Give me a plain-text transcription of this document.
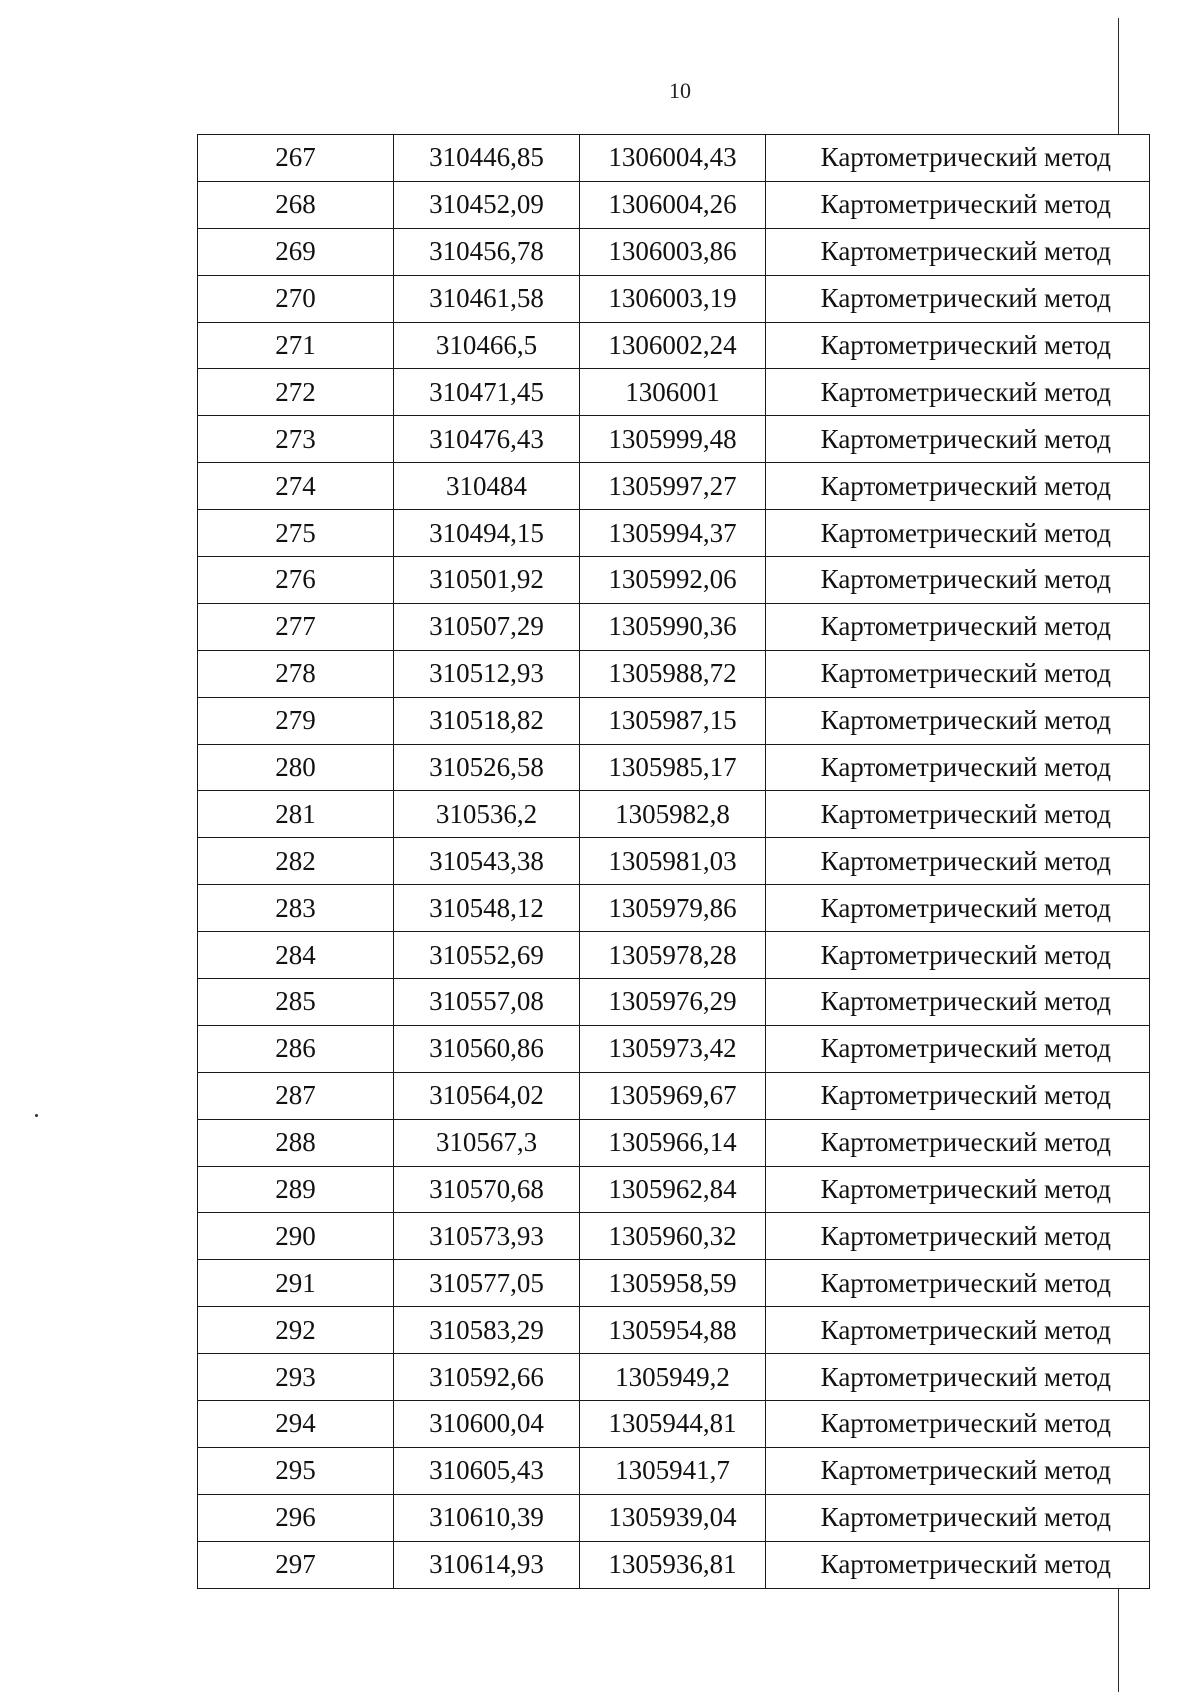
10
267	310446,85	1306004,43	Картометрический метод
268	310452,09	1306004,26	Картометрический метод
269	310456,78	1306003,86	Картометрический метод
270	310461,58	1306003,19	Картометрический метод
271	310466,5	1306002,24	Картометрический метод
272	310471,45	1306001	Картометрический метод
273	310476,43	1305999,48	Картометрический метод
274	310484	1305997,27	Картометрический метод
275	310494,15	1305994,37	Картометрический метод
276	310501,92	1305992,06	Картометрический метод
277	310507,29	1305990,36	Картометрический метод
278	310512,93	1305988,72	Картометрический метод
279	310518,82	1305987,15	Картометрический метод
280	310526,58	1305985,17	Картометрический метод
281	310536,2	1305982,8	Картометрический метод
282	310543,38	1305981,03	Картометрический метод
283	310548,12	1305979,86	Картометрический метод
284	310552,69	1305978,28	Картометрический метод
285	310557,08	1305976,29	Картометрический метод
286	310560,86	1305973,42	Картометрический метод
287	310564,02	1305969,67	Картометрический метод
288	310567,3	1305966,14	Картометрический метод
289	310570,68	1305962,84	Картометрический метод
290	310573,93	1305960,32	Картометрический метод
291	310577,05	1305958,59	Картометрический метод
292	310583,29	1305954,88	Картометрический метод
293	310592,66	1305949,2	Картометрический метод
294	310600,04	1305944,81	Картометрический метод
295	310605,43	1305941,7	Картометрический метод
296	310610,39	1305939,04	Картометрический метод
297	310614,93	1305936,81	Картометрический метод
